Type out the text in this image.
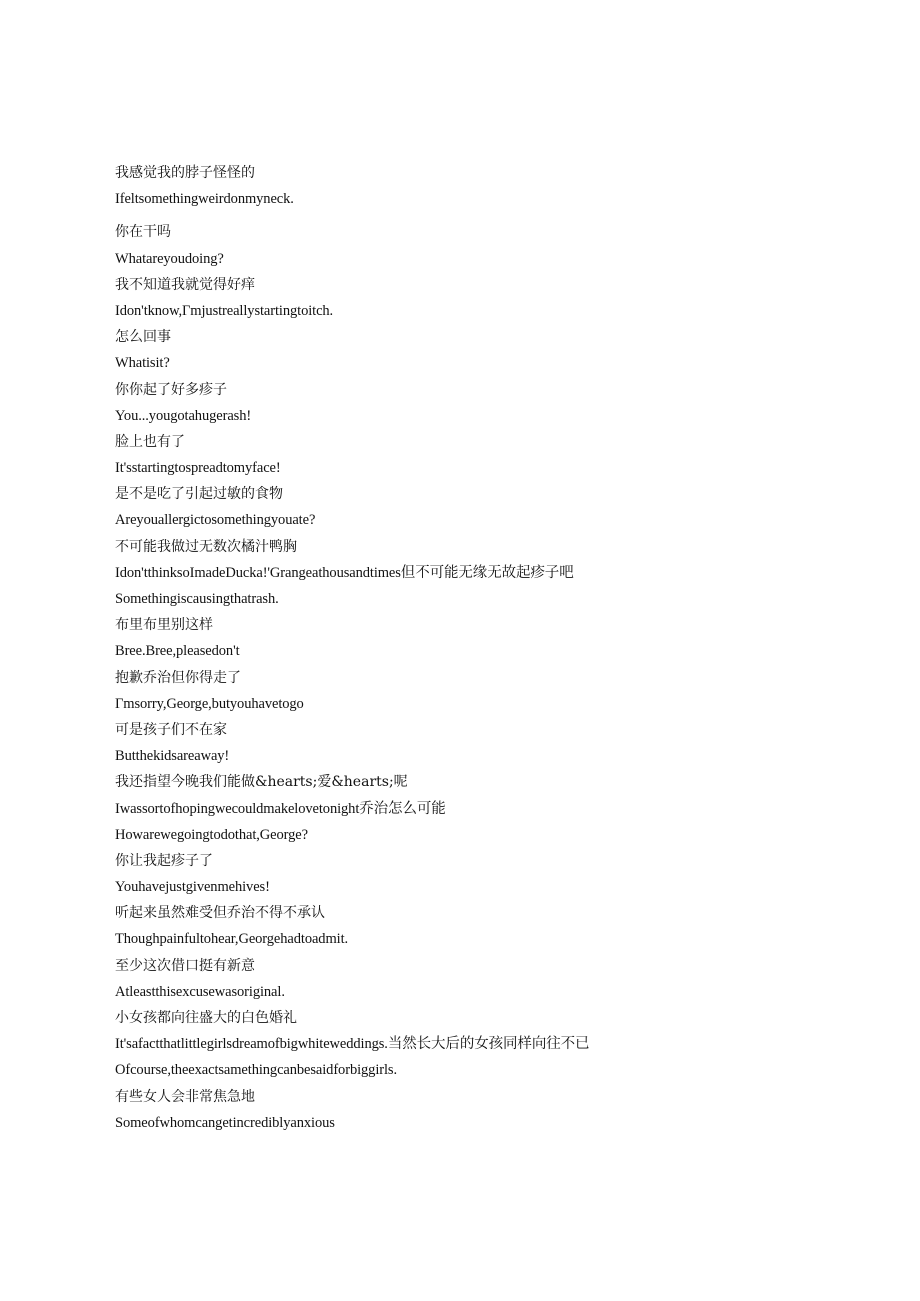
我感觉我的脖子怪怪的
Ifeltsomethingweirdonmyneck.
你在干吗
Whatareyoudoing?
我不知道我就觉得好痒
Idon'tknow,Γmjustreallystartingtoitch.
怎么回事
Whatisit?
你你起了好多疹子
You...yougotahugerash!
脸上也有了
It'sstartingtospreadtomyface!
是不是吃了引起过敏的食物
Areyouallergictosomethingyouate?
不可能我做过无数次橘汁鸭胸
Idon'tthinksoImadeDucka!'Grangeathousandtimes但不可能无缘无故起疹子吧
Somethingiscausingthatrash.
布里布里别这样
Bree.Bree,pleasedon't
抱歉乔治但你得走了
Γmsorry,George,butyouhavetogo
可是孩子们不在家
Butthekidsareaway!
我还指望今晚我们能做&hearts;爱&hearts;呢
Iwassortofhopingwecouldmakelovetonight乔治怎么可能
Howarewegoingtodothat,George?
你让我起疹子了
Youhavejustgivenmehives!
听起来虽然难受但乔治不得不承认
Thoughpainfultohear,Georgehadtoadmit.
至少这次借口挺有新意
Atleastthisexcusewasoriginal.
小女孩都向往盛大的白色婚礼
It'safactthatlittlegirlsdreamofbigwhiteweddings.当然长大后的女孩同样向往不已
Ofcourse,theexactsamethingcanbesaidforbiggirls.
有些女人会非常焦急地
Someofwhomcangetincrediblyanxious
